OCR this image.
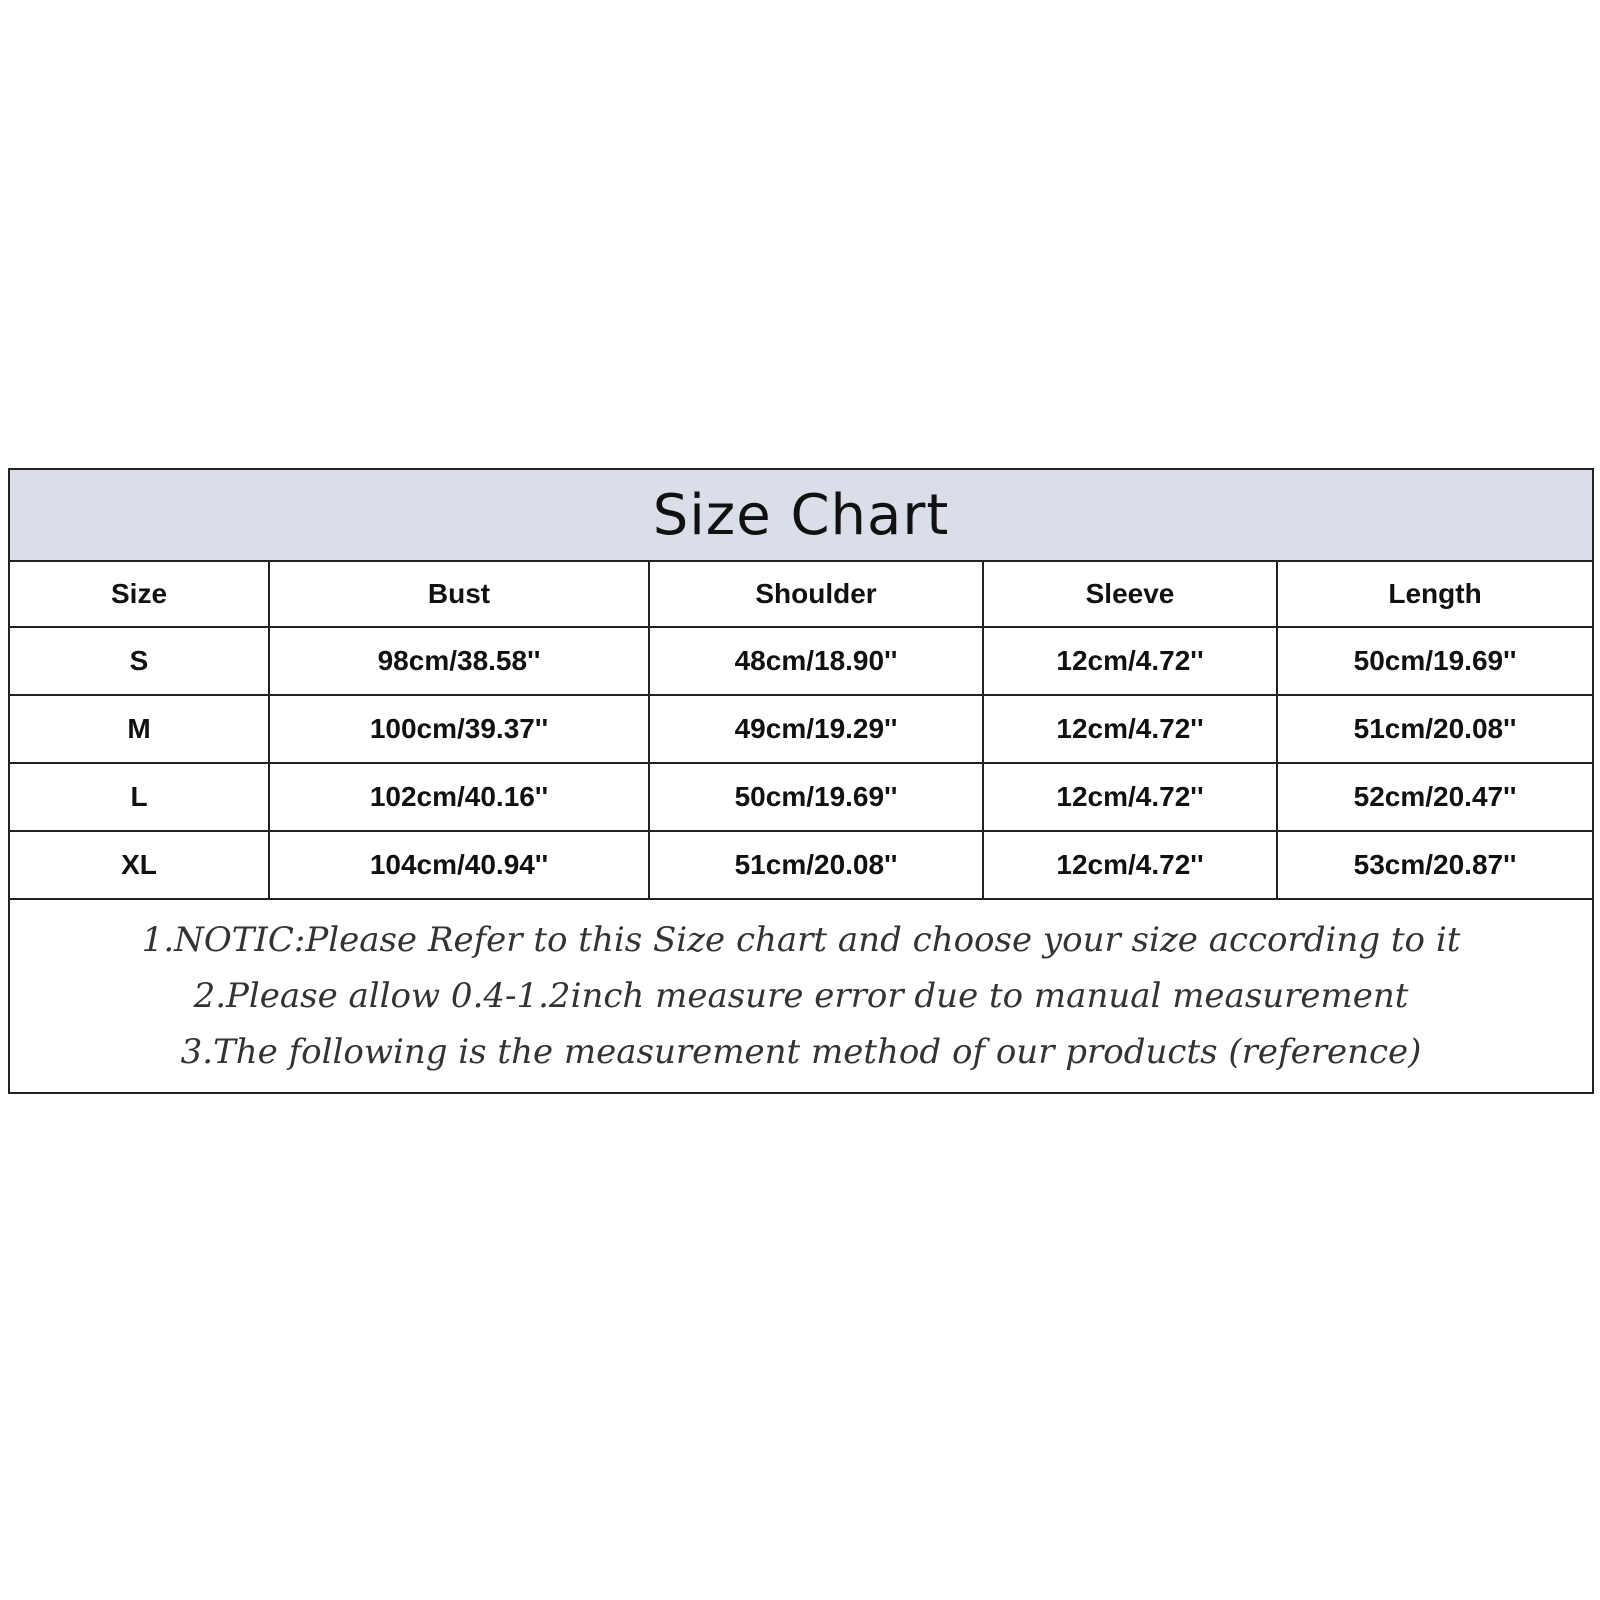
Size Chart				
Size	Bust	Shoulder	Sleeve	Length
S	98cm/38.58''	48cm/18.90''	12cm/4.72''	50cm/19.69''
M	100cm/39.37''	49cm/19.29''	12cm/4.72''	51cm/20.08''
L	102cm/40.16''	50cm/19.69''	12cm/4.72''	52cm/20.47''
XL	104cm/40.94''	51cm/20.08''	12cm/4.72''	53cm/20.87''

1.NOTIC:Please Refer to this Size chart and choose your size according to it
2.Please allow 0.4-1.2inch measure error due to manual measurement
3.The following is the measurement method of our products (reference)				
